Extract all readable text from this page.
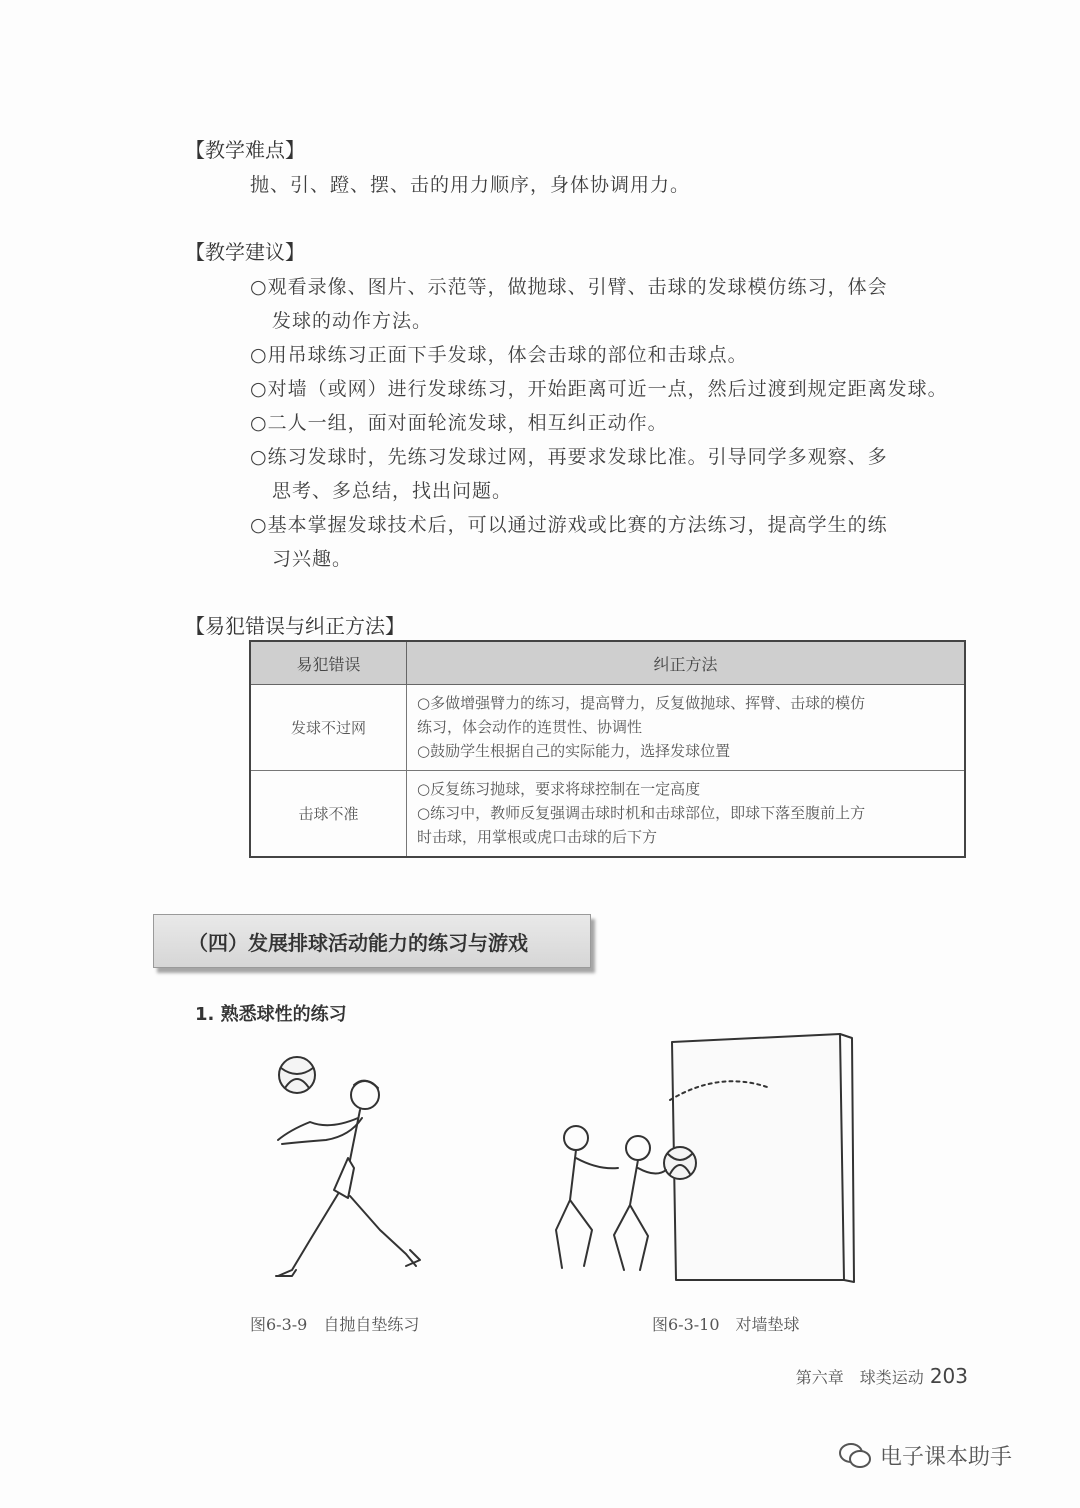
【教学难点】
抛、引、蹬、摆、击的用力顺序，身体协调用力。
【教学建议】
○观看录像、图片、示范等，做抛球、引臂、击球的发球模仿练习，体会
发球的动作方法。
○用吊球练习正面下手发球，体会击球的部位和击球点。
○对墙（或网）进行发球练习，开始距离可近一点，然后过渡到规定距离发球。
○二人一组，面对面轮流发球，相互纠正动作。
○练习发球时，先练习发球过网，再要求发球比准。引导同学多观察、多
思考、多总结，找出问题。
○基本掌握发球技术后，可以通过游戏或比赛的方法练习，提高学生的练
习兴趣。
【易犯错误与纠正方法】
易犯错误	纠正方法
发球不过网	○多做增强臂力的练习，提高臂力，反复做抛球、挥臂、击球的模仿
练习，体会动作的连贯性、协调性
○鼓励学生根据自己的实际能力，选择发球位置

击球不准	○反复练习抛球，要求将球控制在一定高度
○练习中，教师反复强调击球时机和击球部位，即球下落至腹前上方
时击球，用掌根或虎口击球的后下方
（四）发展排球活动能力的练习与游戏
1. 熟悉球性的练习
图6-3-9　自抛自垫练习	图6-3-10　对墙垫球
第六章　球类运动 203
电子课本助手
